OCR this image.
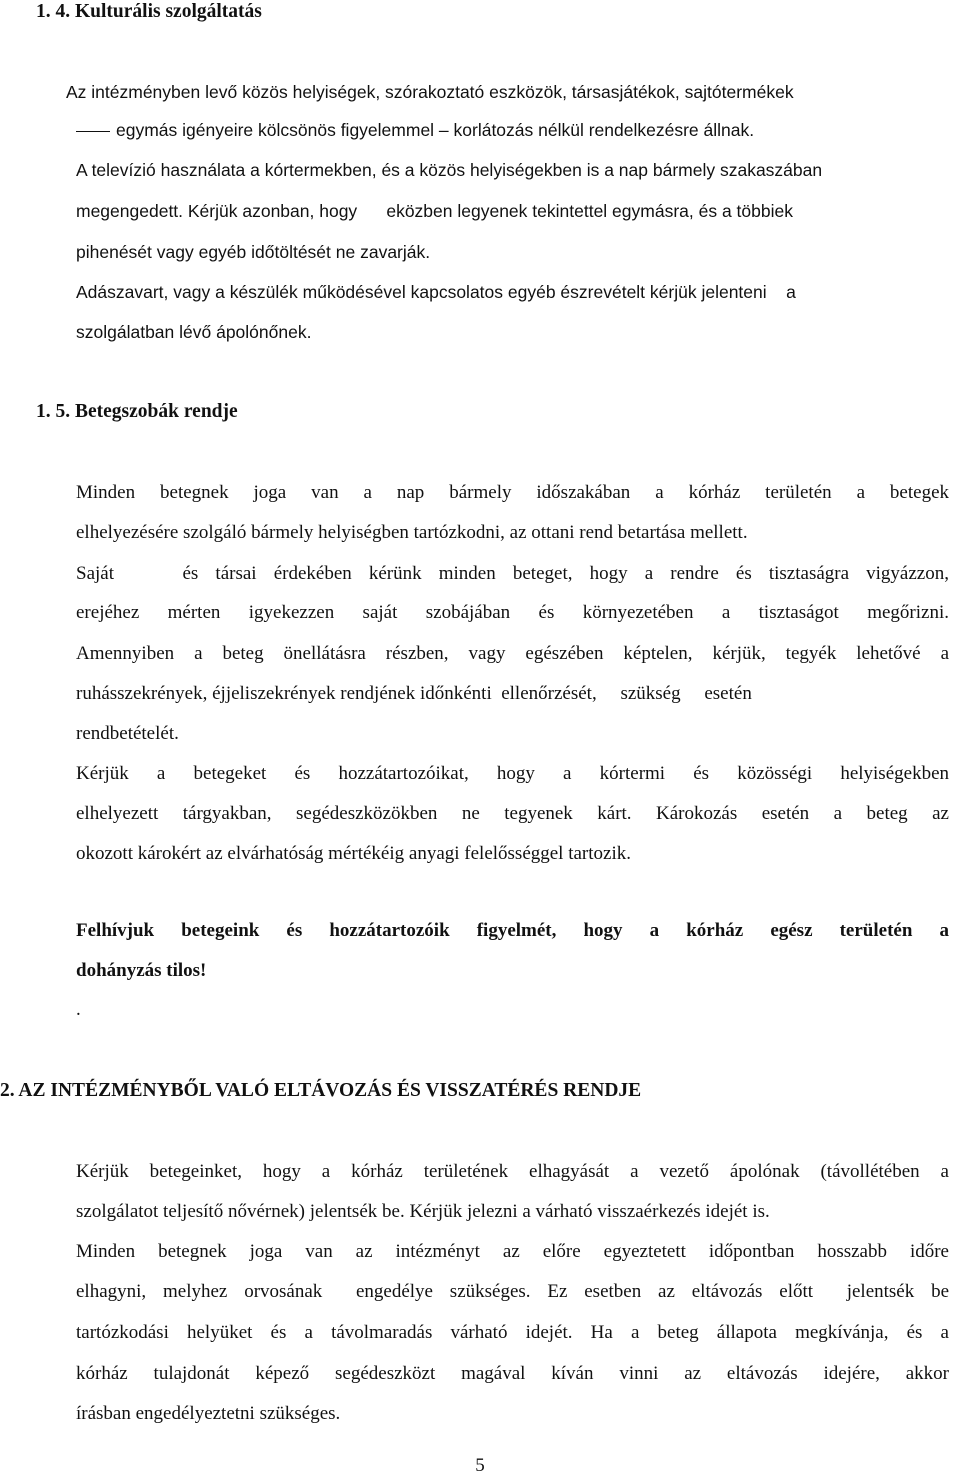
1. 4. Kulturális szolgáltatás
Az intézményben levő közös helyiségek, szórakoztató eszközök, társasjátékok, sajtótermékek
egymás igényeire kölcsönös figyelemmel – korlátozás nélkül rendelkezésre állnak.
A televízió használata a kórtermekben, és a közös helyiségekben is a nap bármely szakaszában
megengedett. Kérjük azonban, hogy      eközben legyenek tekintettel egymásra, és a többiek
pihenését vagy egyéb időtöltését ne zavarják.
Adászavart, vagy a készülék működésével kapcsolatos egyéb észrevételt kérjük jelenteni    a
szolgálatban lévő ápolónőnek.
1. 5. Betegszobák rendje
Minden betegnek joga van a nap bármely időszakában a kórház területén a betegek
elhelyezésére szolgáló bármely helyiségben tartózkodni, az ottani rend betartása mellett.
Saját    és társai érdekében kérünk minden beteget, hogy a rendre és tisztaságra vigyázzon,
erejéhez mérten igyekezzen saját szobájában és környezetében a tisztaságot megőrizni.
Amennyiben a beteg önellátásra részben, vagy egészében képtelen, kérjük, tegyék lehetővé a
ruhásszekrények, éjjeliszekrények rendjének időnkénti  ellenőrzését,     szükség     esetén
rendbetételét.
Kérjük a betegeket és hozzátartozóikat, hogy a kórtermi és közösségi helyiségekben
elhelyezett tárgyakban, segédeszközökben ne tegyenek kárt. Károkozás esetén a beteg az
okozott károkért az elvárhatóság mértékéig anyagi felelősséggel tartozik.
Felhívjuk betegeink és hozzátartozóik figyelmét, hogy a kórház egész területén a
dohányzás tilos!
.
2. AZ INTÉZMÉNYBŐL VALÓ ELTÁVOZÁS ÉS VISSZATÉRÉS RENDJE
Kérjük betegeinket, hogy a kórház területének elhagyását a vezető ápolónak (távollétében a
szolgálatot teljesítő nővérnek) jelentsék be. Kérjük jelezni a várható visszaérkezés idejét is.
Minden betegnek joga van az intézményt az előre egyeztetett időpontban hosszabb időre
elhagyni, melyhez orvosának  engedélye szükséges. Ez esetben az eltávozás előtt  jelentsék be
tartózkodási helyüket és a távolmaradás várható idejét. Ha a beteg állapota megkívánja, és a
kórház tulajdonát képező segédeszközt magával kíván vinni az eltávozás idejére, akkor
írásban engedélyeztetni szükséges.
5
